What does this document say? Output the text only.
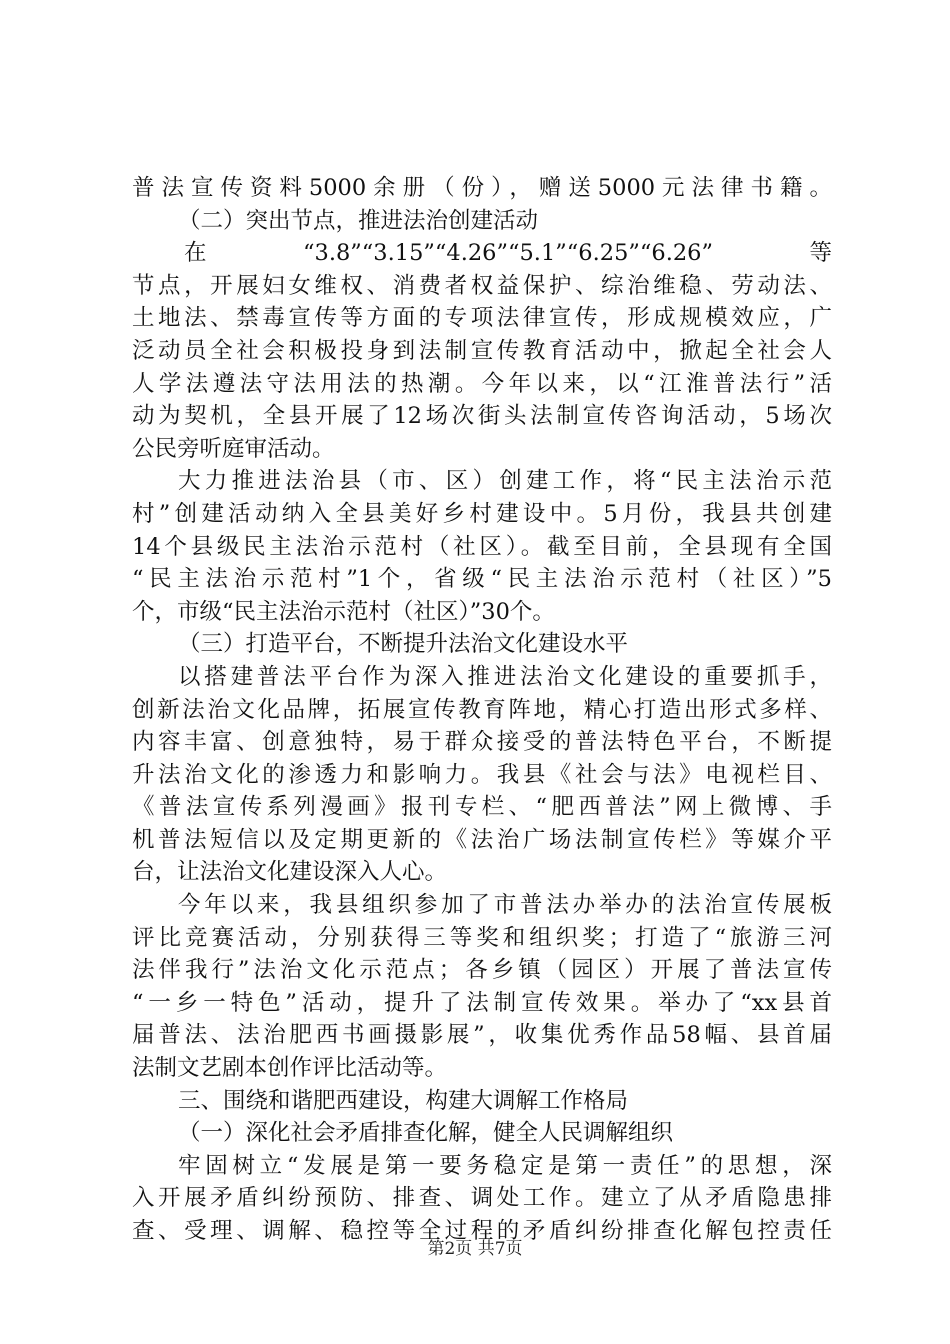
普法宣传资料5000余册（份），赠送5000元法律书籍。
（二）突出节点，推进法治创建活动
在“3.8”“3.15”“4.26”“5.1”“6.25”“6.26”等
节点，开展妇女维权、消费者权益保护、综治维稳、劳动法、
土地法、禁毒宣传等方面的专项法律宣传，形成规模效应，广
泛动员全社会积极投身到法制宣传教育活动中，掀起全社会人
人学法遵法守法用法的热潮。今年以来，以“江淮普法行”活
动为契机，全县开展了12场次街头法制宣传咨询活动，5场次
公民旁听庭审活动。
大力推进法治县（市、区）创建工作，将“民主法治示范
村”创建活动纳入全县美好乡村建设中。5月份，我县共创建
14个县级民主法治示范村（社区）。截至目前，全县现有全国
“民主法治示范村”1个，省级“民主法治示范村（社区）”5
个，市级“民主法治示范村（社区）”30个。
（三）打造平台，不断提升法治文化建设水平
以搭建普法平台作为深入推进法治文化建设的重要抓手，
创新法治文化品牌，拓展宣传教育阵地，精心打造出形式多样、
内容丰富、创意独特，易于群众接受的普法特色平台，不断提
升法治文化的渗透力和影响力。我县《社会与法》电视栏目、
《普法宣传系列漫画》报刊专栏、“肥西普法”网上微博、手
机普法短信以及定期更新的《法治广场法制宣传栏》等媒介平
台，让法治文化建设深入人心。
今年以来，我县组织参加了市普法办举办的法治宣传展板
评比竞赛活动，分别获得三等奖和组织奖；打造了“旅游三河
法伴我行”法治文化示范点；各乡镇（园区）开展了普法宣传
“一乡一特色”活动，提升了法制宣传效果。举办了“xx县首
届普法、法治肥西书画摄影展”，收集优秀作品58幅、县首届
法制文艺剧本创作评比活动等。
三、围绕和谐肥西建设，构建大调解工作格局
（一）深化社会矛盾排查化解，健全人民调解组织
牢固树立“发展是第一要务稳定是第一责任”的思想，深
入开展矛盾纠纷预防、排查、调处工作。建立了从矛盾隐患排
查、受理、调解、稳控等全过程的矛盾纠纷排查化解包控责任
第2页 共7页
